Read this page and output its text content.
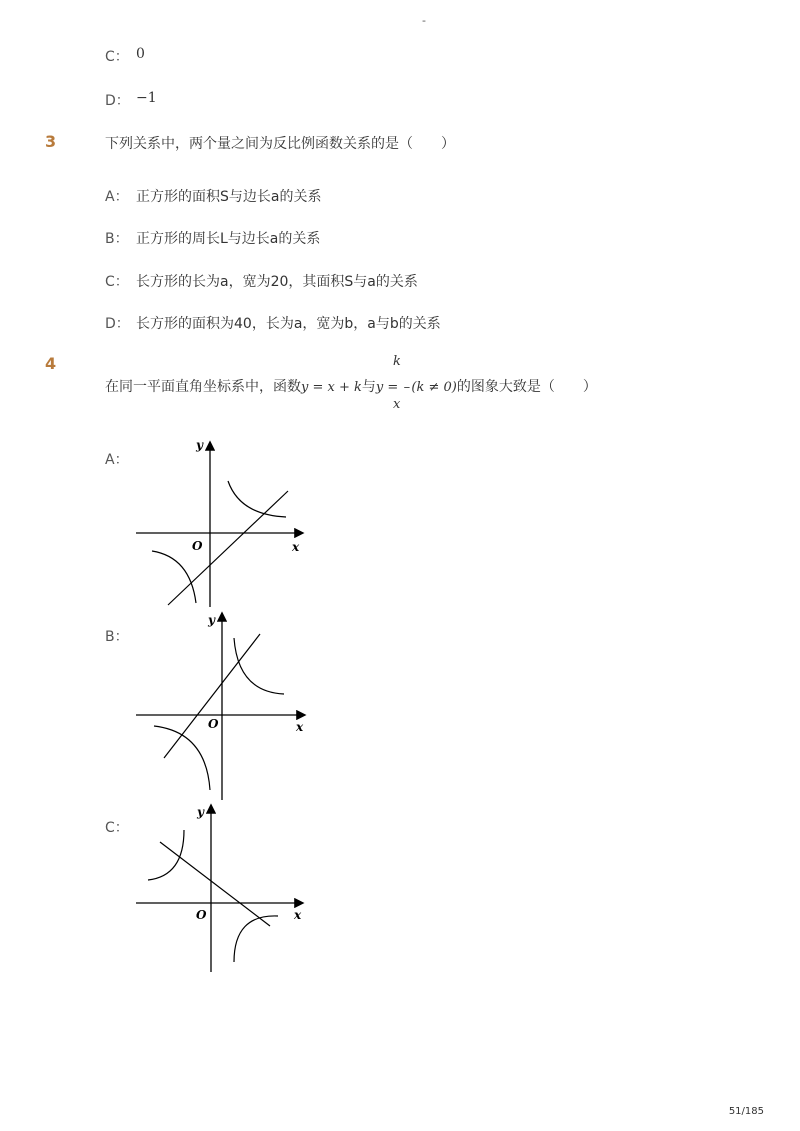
-
C： 0
D： −1
3	下列关系中，两个量之间为反比例函数关系的是（　　）
A： 正方形的面积S与边长a的关系
B： 正方形的周长L与边长a的关系
C： 长方形的长为a，宽为20，其面积S与a的关系
D： 长方形的面积为40，长为a，宽为b，a与b的关系
4
在同一平面直角坐标系中，函数y = x + k与y = –(k ≠ 0)的图象大致是（　　）
k
x
A：
y
x
O
B：
y
x
O
C：
y
x
O
51/185
